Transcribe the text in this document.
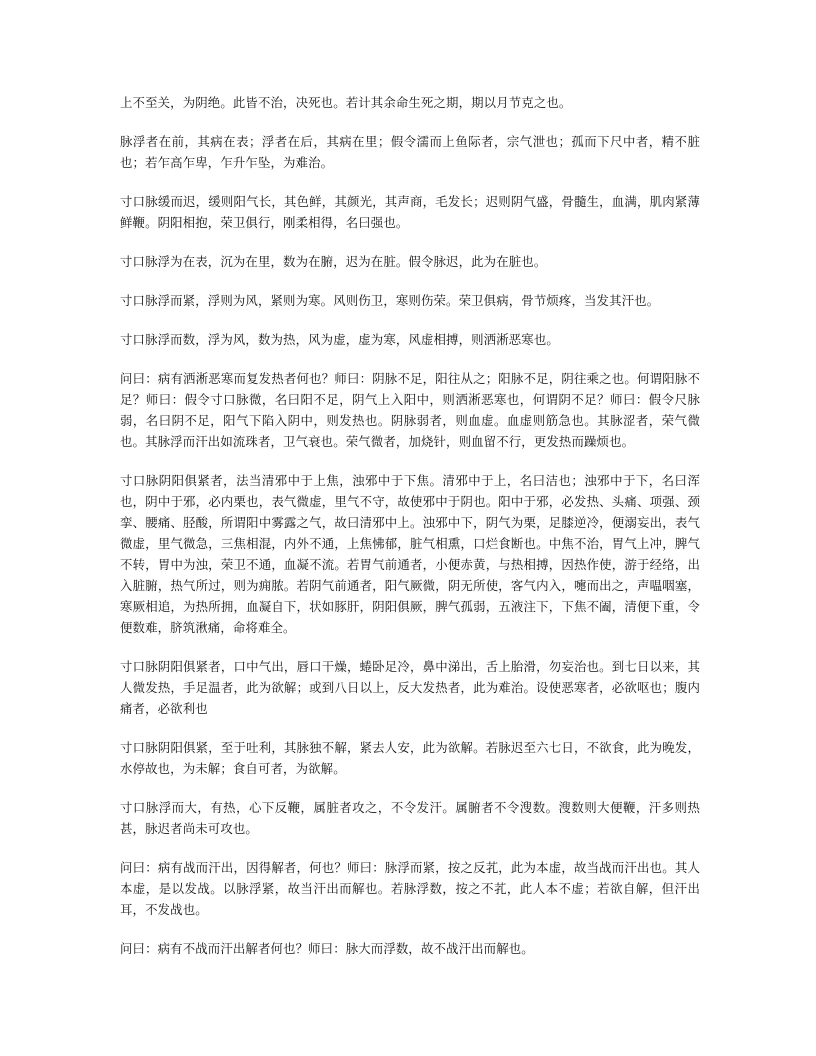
上不至关，为阴绝。此皆不治，决死也。若计其余命生死之期，期以月节克之也。

脉浮者在前，其病在表；浮者在后，其病在里；假令濡而上鱼际者，宗气泄也；孤而下尺中者，精不脏也；若乍高乍卑，乍升乍坠，为难治。

寸口脉缓而迟，缓则阳气长，其色鲜，其颜光，其声商，毛发长；迟则阴气盛，骨髓生，血满，肌肉紧薄鲜鞭。阴阳相抱，荣卫俱行，刚柔相得，名曰强也。

寸口脉浮为在表，沉为在里，数为在腑，迟为在脏。假令脉迟，此为在脏也。

寸口脉浮而紧，浮则为风，紧则为寒。风则伤卫，寒则伤荣。荣卫俱病，骨节烦疼，当发其汗也。

寸口脉浮而数，浮为风，数为热，风为虚，虚为寒，风虚相搏，则洒淅恶寒也。

问曰：病有洒淅恶寒而复发热者何也？师曰：阴脉不足，阳往从之；阳脉不足，阴往乘之也。何谓阳脉不足？师曰：假令寸口脉微，名曰阳不足，阴气上入阳中，则洒淅恶寒也，何谓阴不足？师曰：假令尺脉弱，名曰阴不足，阳气下陷入阴中，则发热也。阴脉弱者，则血虚。血虚则筋急也。其脉涩者，荣气微也。其脉浮而汗出如流珠者，卫气衰也。荣气微者，加烧针，则血留不行，更发热而躁烦也。

寸口脉阴阳俱紧者，法当清邪中于上焦，浊邪中于下焦。清邪中于上，名曰洁也；浊邪中于下，名曰浑也，阴中于邪，必内栗也，表气微虚，里气不守，故使邪中于阴也。阳中于邪，必发热、头痛、项强、颈挛、腰痛、胫酸，所谓阳中雾露之气，故曰清邪中上。浊邪中下，阴气为栗，足膝逆冷，便溺妄出，表气微虚，里气微急，三焦相混，内外不通，上焦怫郁，脏气相熏，口烂食断也。中焦不治，胃气上冲，脾气不转，胃中为浊，荣卫不通，血凝不流。若胃气前通者，小便赤黄，与热相搏，因热作使，游于经络，出入脏腑，热气所过，则为痈脓。若阴气前通者，阳气厥微，阴无所使，客气内入，嚏而出之，声嗢咽塞，寒厥相追，为热所拥，血凝自下，状如豚肝，阴阳俱厥，脾气孤弱，五液注下，下焦不阖，清便下重，令便数难，脐筑湫痛，命将难全。

寸口脉阴阳俱紧者，口中气出，唇口干燥，蜷卧足冷，鼻中涕出，舌上胎滑，勿妄治也。到七日以来，其人微发热，手足温者，此为欲解；或到八日以上，反大发热者，此为难治。设使恶寒者，必欲呕也；腹内痛者，必欲利也

寸口脉阴阳俱紧，至于吐利，其脉独不解，紧去人安，此为欲解。若脉迟至六七日，不欲食，此为晚发，水停故也，为未解；食自可者，为欲解。

寸口脉浮而大，有热，心下反鞭，属脏者攻之，不令发汗。属腑者不令溲数。溲数则大便鞭，汗多则热甚，脉迟者尚未可攻也。

问曰：病有战而汗出，因得解者，何也？师曰：脉浮而紧，按之反芤，此为本虚，故当战而汗出也。其人本虚，是以发战。以脉浮紧，故当汗出而解也。若脉浮数，按之不芤，此人本不虚；若欲自解，但汗出耳，不发战也。

问曰：病有不战而汗出解者何也？师曰：脉大而浮数，故不战汗出而解也。
